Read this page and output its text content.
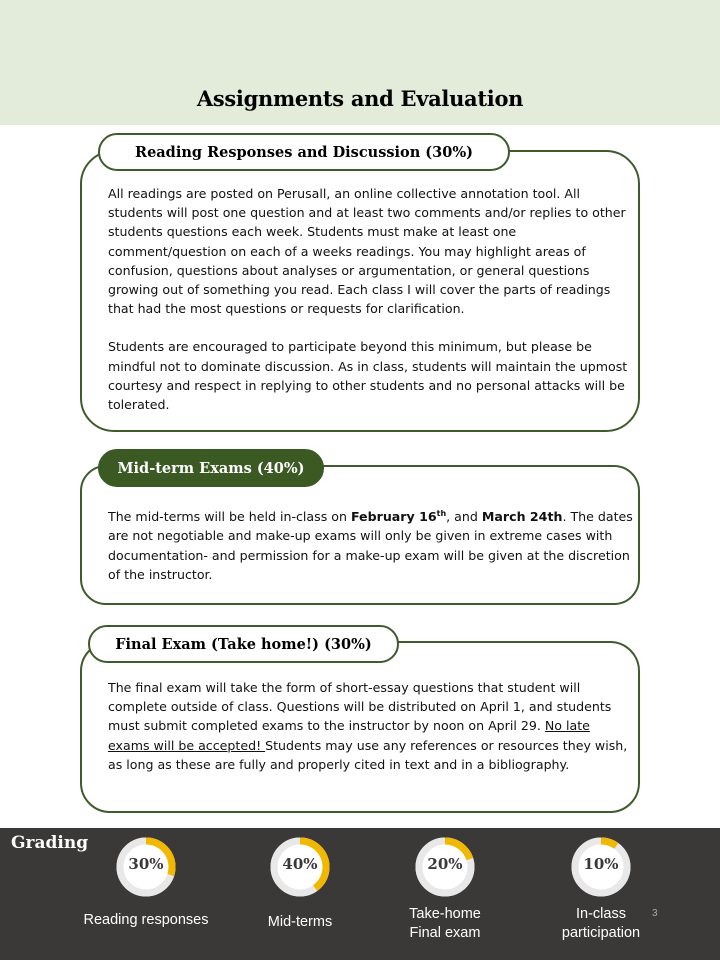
Assignments and Evaluation
Reading Responses and Discussion (30%)

All readings are posted on Perusall, an online collective annotation tool. All students will post one question and at least two comments and/or replies to other students questions each week. Students must make at least one comment/question on each of a weeks readings. You may highlight areas of confusion, questions about analyses or argumentation, or general questions growing out of something you read. Each class I will cover the parts of readings that had the most questions or requests for clarification.

Students are encouraged to participate beyond this minimum, but please be mindful not to dominate discussion. As in class, students will maintain the upmost courtesy and respect in replying to other students and no personal attacks will be tolerated.

Mid-term Exams (40%)

The mid-terms will be held in-class on February 16th, and March 24th. The dates are not negotiable and make-up exams will only be given in extreme cases with documentation- and permission for a make-up exam will be given at the discretion of the instructor.

Final Exam (Take home!) (30%)

The final exam will take the form of short-essay questions that student will complete outside of class. Questions will be distributed on April 1, and students must submit completed exams to the instructor by noon on April 29. No late exams will be accepted! Students may use any references or resources they wish, as long as these are fully and properly cited in text and in a bibliography.

Grading
30%
Reading responses
40%
Mid-terms
20%
Take-home
Final exam
10%
In-class
participation
3
